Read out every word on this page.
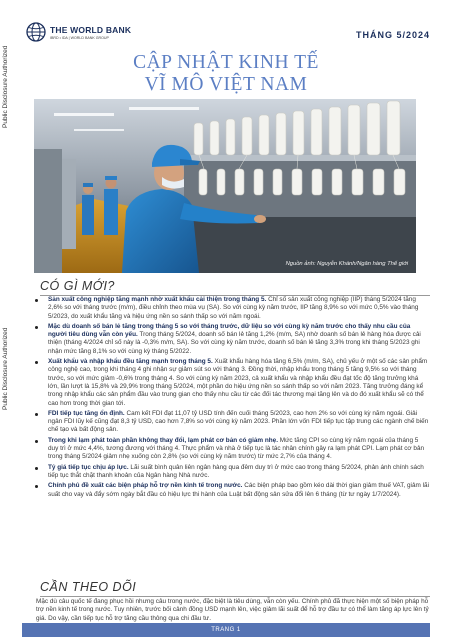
Public Disclosure Authorized
Public Disclosure Authorized
THE WORLD BANK
IBRD • IDA | WORLD BANK GROUP	THÁNG 5/2024
CẬP NHẬT KINH TẾ
VĨ MÔ VIỆT NAM
Nguồn ảnh: Nguyễn Khánh/Ngân hàng Thế giới
CÓ GÌ MỚI?
Sản xuất công nghiệp tăng mạnh nhờ xuất khẩu cải thiện trong tháng 5. Chỉ số sản xuất công nghiệp (IIP) tháng 5/2024 tăng 2,6% so với tháng trước (m/m), điều chỉnh theo mùa vụ (SA). So với cùng kỳ năm trước, IIP tăng 8,9% so với mức 0,5% vào tháng 5/2023, do xuất khẩu tăng và hiệu ứng nền so sánh thấp so với năm ngoái.
Mặc dù doanh số bán lẻ tăng trong tháng 5 so với tháng trước, dữ liệu so với cùng kỳ năm trước cho thấy nhu cầu của người tiêu dùng vẫn còn yếu. Trong tháng 5/2024, doanh số bán lẻ tăng 1,2% (m/m, SA) nhờ doanh số bán lẻ hàng hóa được cải thiện (tháng 4/2024 chỉ số này là -0,3% m/m, SA). So với cùng kỳ năm trước, doanh số bán lẻ tăng 3,3% trong khi tháng 5/2023 ghi nhận mức tăng 8,1% so với cùng kỳ tháng 5/2022.
Xuất khẩu và nhập khẩu đều tăng mạnh trong tháng 5. Xuất khẩu hàng hóa tăng 6,5% (m/m, SA), chủ yếu ở một số các sản phẩm công nghệ cao, trong khi tháng 4 ghi nhận sự giảm sút so với tháng 3. Đồng thời, nhập khẩu trong tháng 5 tăng 9,5% so với tháng trước, so với mức giảm -0,6% trong tháng 4. So với cùng kỳ năm 2023, cả xuất khẩu và nhập khẩu đều đạt tốc độ tăng trưởng khá lớn, lần lượt là 15,8% và 29,9% trong tháng 5/2024, một phần do hiệu ứng nền so sánh thấp so với năm 2023. Tăng trưởng đáng kể trong nhập khẩu các sản phẩm đầu vào trung gian cho thấy nhu cầu từ các đối tác thương mại tăng lên và do đó xuất khẩu sẽ có thể cao hơn trong thời gian tới.
FDI tiếp tục tăng ổn định. Cam kết FDI đạt 11,07 tỷ USD tính đến cuối tháng 5/2023, cao hơn 2% so với cùng kỳ năm ngoái. Giải ngân FDI lũy kế cũng đạt 8,3 tỷ USD, cao hơn 7,8% so với cùng kỳ năm 2023. Phần lớn vốn FDI tiếp tục tập trung các ngành chế biến chế tạo và bất động sản.
Trong khi lạm phát toàn phần không thay đổi, lạm phát cơ bản có giảm nhẹ. Mức tăng CPI so cùng kỳ năm ngoái của tháng 5 duy trì ở mức 4,4%, tương đương với tháng 4. Thực phẩm và nhà ở tiếp tục là tác nhân chính gây ra lạm phát CPI. Lạm phát cơ bản trong tháng 5/2024 giảm nhẹ xuống còn 2,8% (so với cùng kỳ năm trước) từ mức 2,7% của tháng 4.
Tỷ giá tiếp tục chịu áp lực. Lãi suất bình quân liên ngân hàng qua đêm duy trì ở mức cao trong tháng 5/2024, phản ánh chính sách tiếp tục thắt chặt thanh khoản của Ngân hàng Nhà nước.
Chính phủ đề xuất các biện pháp hỗ trợ nền kinh tế trong nước. Các biện pháp bao gồm kéo dài thời gian giảm thuế VAT, giảm lãi suất cho vay và đẩy sớm ngày bắt đầu có hiệu lực thi hành của Luật bất động sản sửa đổi lên 6 tháng (từ tư ngày 1/7/2024).
CẦN THEO DÕI

Mặc dù câu quốc tế đang phục hồi nhưng câu trong nước, đặc biệt là tiêu dùng, vẫn còn yếu. Chính phủ đã thực hiện một số biện pháp hỗ trợ nền kinh tế trong nước. Tuy nhiên, trước bối cảnh đồng USD mạnh lên, việc giảm lãi suất để hỗ trợ đầu tư có thể làm tăng áp lực lên tỷ giá. Do vậy, cần tiếp tục hỗ trợ tăng cầu thông qua chi đầu tư.

TRANG 1
